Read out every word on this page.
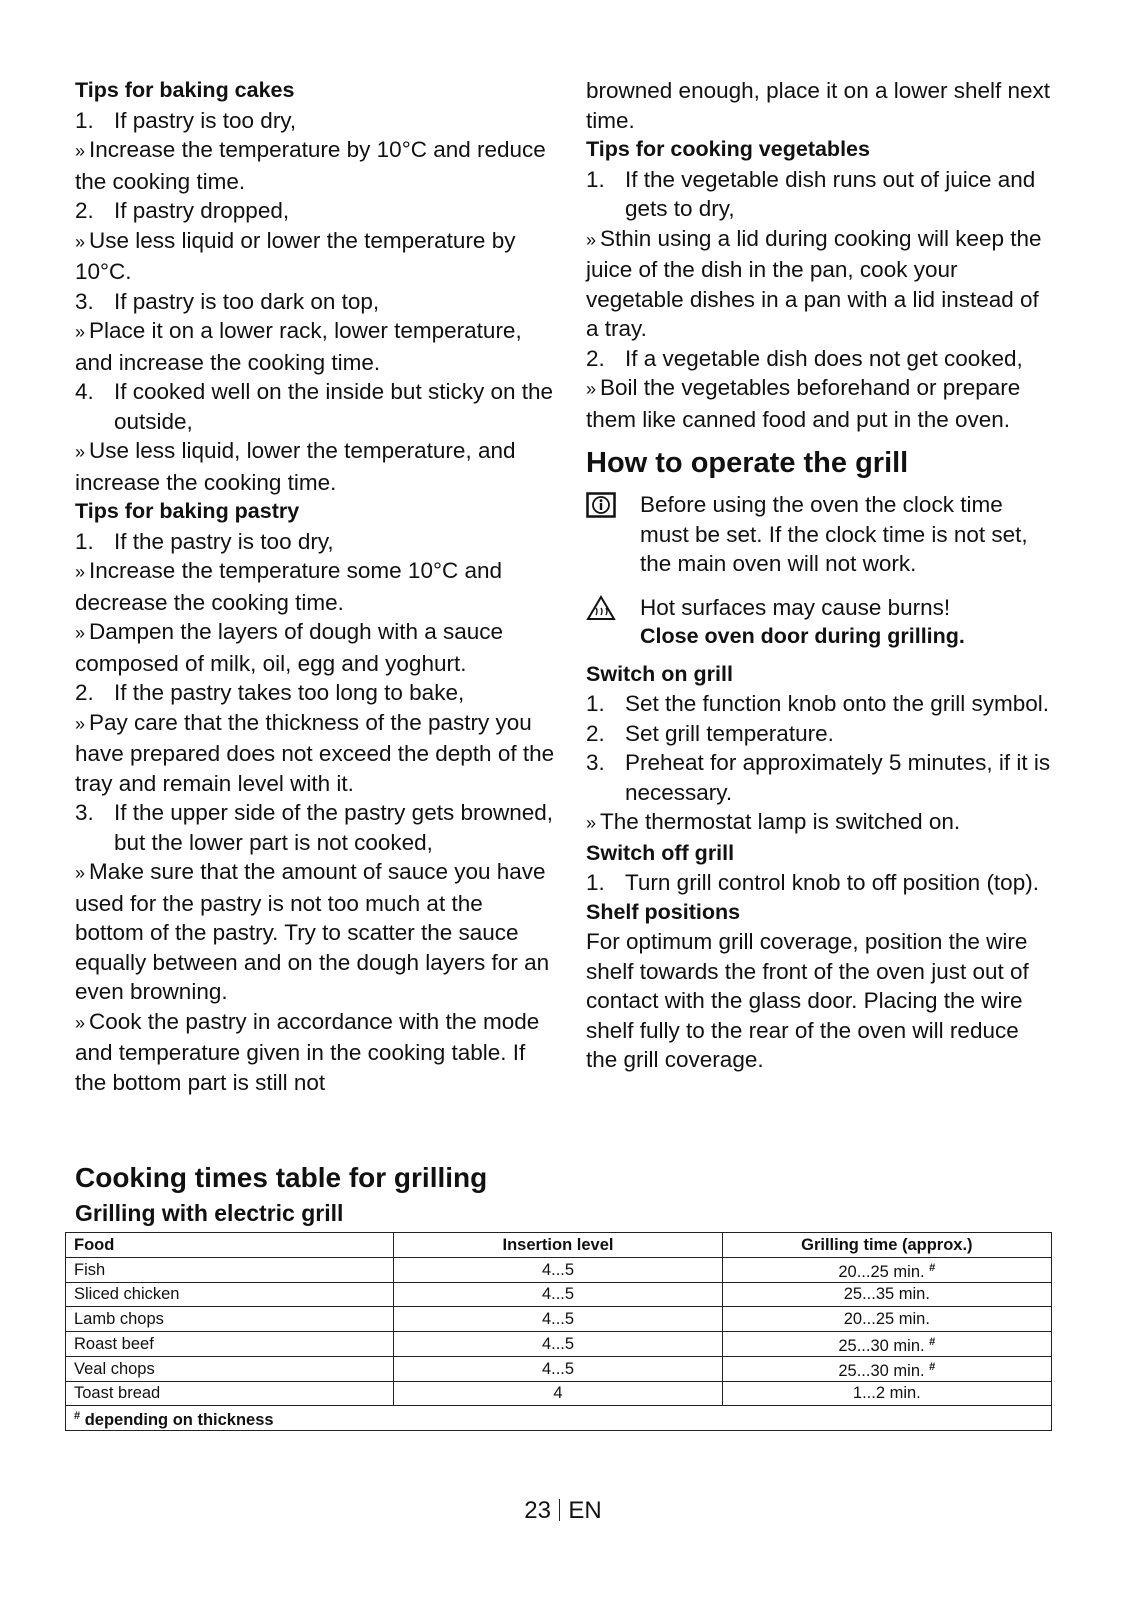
Tips for baking cakes

1. If pastry is too dry,

» Increase the temperature by 10°C and reduce the cooking time.

2. If pastry dropped,

» Use less liquid or lower the temperature by 10°C.

3. If pastry is too dark on top,

» Place it on a lower rack, lower temperature, and increase the cooking time.

4. If cooked well on the inside but sticky on the outside,

» Use less liquid, lower the temperature, and increase the cooking time.

Tips for baking pastry

1. If the pastry is too dry,

» Increase the temperature some 10°C and decrease the cooking time.

» Dampen the layers of dough with a sauce composed of milk, oil, egg and yoghurt.

2. If the pastry takes too long to bake,

» Pay care that the thickness of the pastry you have prepared does not exceed the depth of the tray and remain level with it.

3. If the upper side of the pastry gets browned, but the lower part is not cooked,

» Make sure that the amount of sauce you have used for the pastry is not too much at the bottom of the pastry. Try to scatter the sauce equally between and on the dough layers for an even browning.

» Cook the pastry in accordance with the mode and temperature given in the cooking table. If the bottom part is still not

browned enough, place it on a lower shelf next time.

Tips for cooking vegetables

1. If the vegetable dish runs out of juice and gets to dry,

» Sthin using a lid during cooking will keep the juice of the dish in the pan, cook your vegetable dishes in a pan with a lid instead of a tray.

2. If a vegetable dish does not get cooked,

» Boil the vegetables beforehand or prepare them like canned food and put in the oven.

How to operate the grill
Before using the oven the clock time must be set. If the clock time is not set, the main oven will not work.
Hot surfaces may cause burns!
Close oven door during grilling.

Switch on grill

1. Set the function knob onto the grill symbol.

2. Set grill temperature.

3. Preheat for approximately 5 minutes, if it is necessary.

» The thermostat lamp is switched on.

Switch off grill

1. Turn grill control knob to off position (top).

Shelf positions

For optimum grill coverage, position the wire shelf towards the front of the oven just out of contact with the glass door. Placing the wire shelf fully to the rear of the oven will reduce the grill coverage.

Cooking times table for grilling
Grilling with electric grill
Food	Insertion level	Grilling time (approx.)
Fish	4...5	20...25 min. #
Sliced chicken	4...5	25...35 min.
Lamb chops	4...5	20...25 min.
Roast beef	4...5	25...30 min. #
Veal chops	4...5	25...30 min. #
Toast bread	4	1...2 min.
# depending on thickness		
23 EN
